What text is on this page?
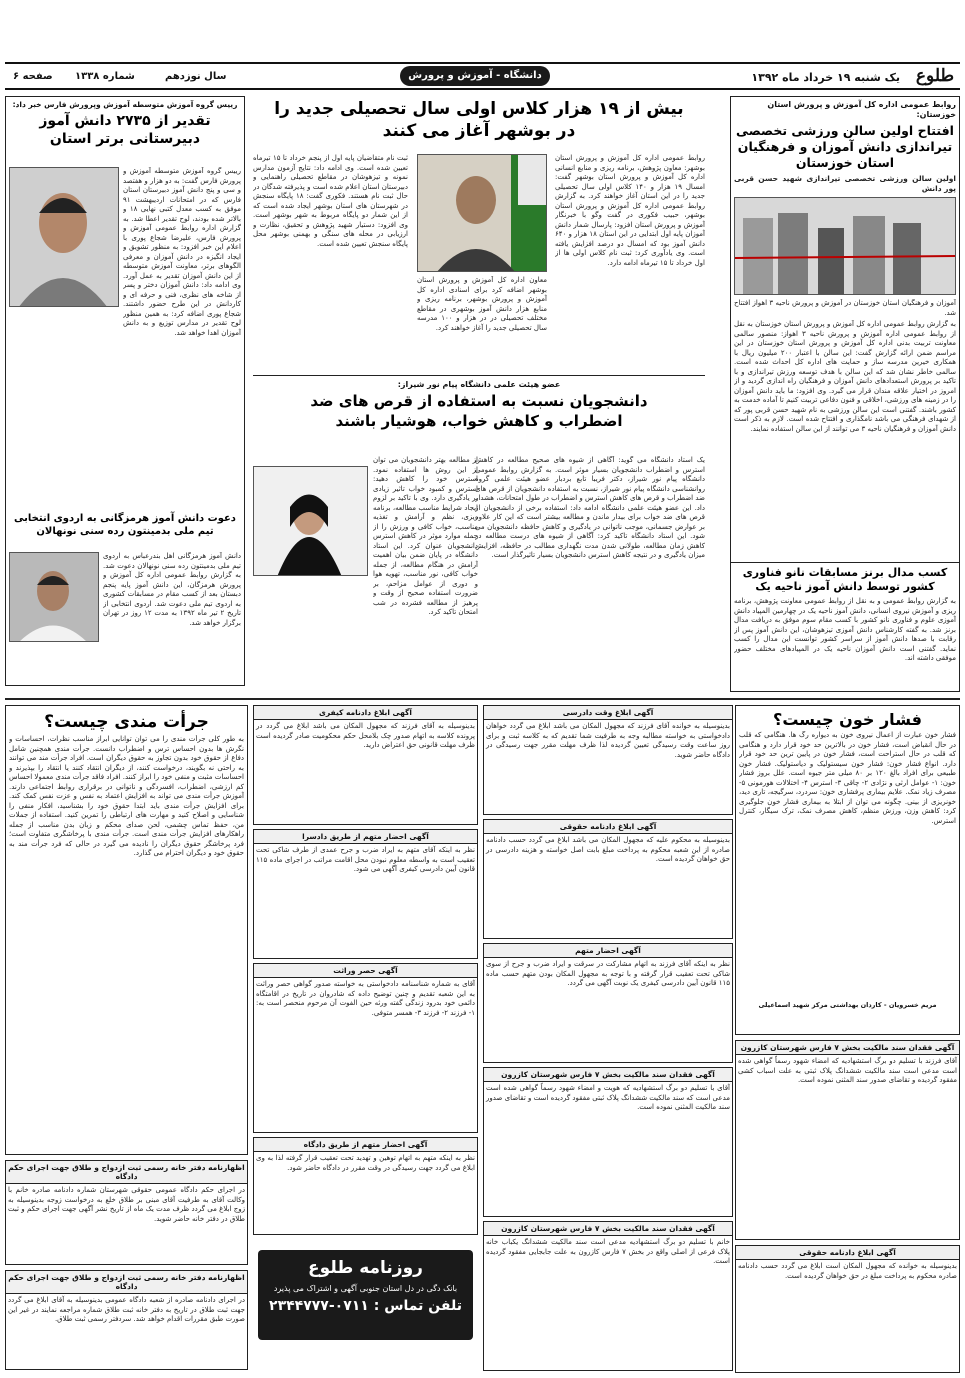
طلوع
یک شنبه ۱۹ خرداد ماه ۱۳۹۲
دانشگاه - آموزش و پرورش
صفحه ۶ شماره ۱۳۳۸	سال نوزدهم
روابط عمومی اداره کل آموزش و پرورش استان خوزستان:
افتتاح اولین سالن ورزشی تخصصی تیراندازی دانش آموزان و فرهنگیان استان خوزستان
اولین سالن ورزشی تخصصی تیراندازی شهید حسن قربی پور دانش
آموزان و فرهنگیان استان خوزستان در آموزش و پرورش ناحیه ۳ اهواز افتتاح شد.
به گزارش روابط عمومی اداره کل آموزش و پرورش استان خوزستان به نقل از روابط عمومی اداره آموزش و پرورش ناحیه ۳ اهواز: منصور سالمی معاونت تربیت بدنی اداره کل آموزش و پرورش استان خوزستان در این مراسم ضمن ارائه گزارش گفت: این سالن با اعتبار ۲۰۰ میلیون ریال با همکاری خیرین مدرسه ساز و حمایت های اداره کل احداث شده است. سالمی خاطر نشان شد که این سالن با هدف توسعه ورزش تیراندازی و با تاکید بر پرورش استعدادهای دانش آموزان و فرهنگیان راه اندازی گردید و از امروز در اختیار علاقه مندان قرار می گیرد. وی افزود: ما باید دانش آموزان را در زمینه های ورزشی، اخلاقی و فنون دفاعی تربیت کنیم تا آماده خدمت به کشور باشند. گفتنی است این سالن ورزشی به نام شهید حسن قربی پور که از شهدای فرهنگی می باشد نامگذاری و افتتاح شده است. لازم به ذکر است دانش آموزان و فرهنگیان ناحیه ۳ می توانند از این سالن استفاده نمایند.
کسب مدال برنز مسابقات نانو فناوری کشور توسط دانش آموز ناحیه یک
به گزارش روابط عمومی و به نقل از روابط عمومی معاونت پژوهش، برنامه ریزی و آموزش نیروی انسانی، دانش آموز ناحیه یک در چهارمین المپیاد دانش آموزی علوم و فناوری نانو کشور با کسب مقام سوم موفق به دریافت مدال برنز شد. به گفته کارشناس دانش آموزی تیزهوشان، این دانش آموز پس از رقابت با صدها دانش آموز از سراسر کشور توانست این مدال را کسب نماید. گفتنی است دانش آموزان ناحیه یک در المپیادهای مختلف حضور موفقی داشته اند.
بیش از ۱۹ هزار کلاس اولی سال تحصیلی جدید را در بوشهر آغاز می کنند
روابط عمومی اداره کل آموزش و پرورش استان بوشهر: معاون پژوهش، برنامه ریزی و منابع انسانی اداره کل آموزش و پرورش استان بوشهر گفت: امسال ۱۹ هزار و ۱۴۰ کلاس اولی سال تحصیلی جدید را در این استان آغاز خواهند کرد. به گزارش روابط عمومی اداره کل آموزش و پرورش استان بوشهر، حبیب فکوری در گفت وگو با خبرنگار آموزش و پرورش استان افزود: پارسال شمار دانش آموزان پایه اول ابتدایی در این استان ۱۸ هزار و ۶۴۰ دانش آموز بود که امسال دو درصد افزایش یافته است. وی یادآوری کرد: ثبت نام کلاس اولی ها از اول خرداد تا ۱۵ تیرماه ادامه دارد.
معاون اداره کل آموزش و پرورش استان بوشهر اضافه کرد برای اسنادی اداره کل آموزش و پرورش بوشهر، برنامه ریزی و منابع هزار دانش آموز بوشهری در مقاطع مختلف تحصیلی در در هزار و ۱۰۰ مدرسه سال تحصیلی جدید را آغاز خواهند کرد.
ثبت نام متقاضیان پایه اول از پنجم خرداد تا ۱۵ تیرماه تعیین شده است. وی ادامه داد: نتایج آزمون مدارس نمونه و تیزهوشان در مقاطع تحصیلی راهنمایی و دبیرستان استان اعلام شده است و پذیرفته شدگان در حال ثبت نام هستند. فکوری گفت: ۱۸ پایگاه سنجش در شهرستان های استان بوشهر ایجاد شده است که از این شمار دو پایگاه مربوط به شهر بوشهر است. وی افزود: دستیار شهید پژوهش و تحقیق، نظارت و ارزیابی در محله های سنگی و بهمنی بوشهر محل پایگاه سنجش تعیین شده است.
عضو هیئت علمی دانشگاه پیام نور شیراز:
دانشجویان نسبت به استفاده از قرص های ضد اضطراب و کاهش خواب، هوشیار باشند
یک استاد دانشگاه می گوید: آگاهی از شیوه های صحیح مطالعه در کاهش استرس و اضطراب دانشجویان بسیار موثر است. به گزارش روابط عمومی دانشگاه پیام نور شیراز، دکتر فریبا تابع بردبار عضو هیئت علمی گروه روانشناسی دانشگاه پیام نور شیراز، نسبت به استفاده دانشجویان از قرص های ضد اضطراب و قرص های کاهش استرس و اضطراب در طول امتحانات، هشدار داد. این عضو هیئت علمی دانشگاه ادامه داد: استفاده برخی از دانشجویان از قرص های ضد خواب برای بیدار ماندن و مطالعه بیشتر است که این کار علاوه بر عوارض جسمانی، موجب ناتوانی در یادگیری و کاهش حافظه دانشجویان می شود. این استاد دانشگاه تاکید کرد: آگاهی از شیوه های درست مطالعه در کاهش زمان مطالعه، طولانی شدن مدت نگهداری مطالب در حافظه، افزایش میزان یادگیری و در نتیجه کاهش استرس دانشجویان بسیار تاثیرگذار است.
از مطالعه بهتر دانشجویان می توان از این روش ها استفاده نمود. استرس خود را کاهش دهید: استرس و کمبود خواب تاثیر زیادی بر یادگیری دارد. وی با تاکید بر لزوم ایجاد شرایط مناسب مطالعه، برنامه ریزی، نظم و آرامش و تغذیه مناسب، خواب کافی و ورزش را از جمله موارد موثر در کاهش استرس دانشجویان عنوان کرد. این استاد دانشگاه در پایان ضمن بیان اهمیت آرامش در هنگام مطالعه، از جمله خواب کافی، نور مناسب، تهویه هوا و دوری از عوامل مزاحم، بر ضرورت استفاده صحیح از وقت و پرهیز از مطالعه فشرده در شب امتحان تاکید کرد.
رییس گروه آموزش متوسطه آموزش وپرورش فارس خبر داد:
تقدیر از ۲۷۳۵ دانش آموز دبیرستانی برتر استان
رییس گروه آموزش متوسطه آموزش و پرورش فارس گفت: به دو هزار و هفتصد و سی و پنج دانش آموز دبیرستان استان فارس که در امتحانات اردیبهشت ۹۱ موفق به کسب معدل کتبی نهایی ۱۸ و بالاتر شده بودند، لوح تقدیر اعطا شد. به گزارش اداره روابط عمومی آموزش و پرورش فارس، علیرضا شجاع پوری با اعلام این خبر افزود: به منظور تشویق و ایجاد انگیزه در دانش آموزان و معرفی الگوهای برتر، معاونت آموزش متوسطه از این دانش آموزان تقدیر به عمل آورد. وی ادامه داد: دانش آموزان دختر و پسر از شاخه های نظری، فنی و حرفه ای و کاردانش در این طرح حضور داشتند. شجاع پوری اضافه کرد: به همین منظور لوح تقدیر در مدارس توزیع و به دانش آموزان اهدا خواهد شد.
دعوت دانش آموز هرمزگانی به اردوی انتخابی تیم ملی بدمینتون رده سنی نونهالان
دانش آموز هرمزگانی اهل بندرعباس به اردوی تیم ملی بدمینتون رده سنی نونهالان دعوت شد. به گزارش روابط عمومی اداره کل آموزش و پرورش هرمزگان، این دانش آموز پایه پنجم دبستان بعد از کسب مقام در مسابقات کشوری به اردوی تیم ملی دعوت شد. اردوی انتخابی از تاریخ ۲ تیر ماه ۱۳۹۲ به مدت ۱۲ روز در تهران برگزار خواهد شد.
فشار خون چیست؟
فشار خون عبارت از اعمال نیروی خون به دیواره رگ ها. هنگامی که قلب در حال انقباض است، فشار خون در بالاترین حد خود قرار دارد و هنگامی که قلب در حال استراحت است، فشار خون در پایین ترین حد خود قرار دارد. انواع فشار خون: فشار خون سیستولیک و دیاستولیک. فشار خون طبیعی برای افراد بالغ ۱۲۰ بر ۸۰ میلی متر جیوه است. علل بروز فشار خون: ۱- عوامل ارثی و نژادی ۲- چاقی ۳- استرس ۴- اختلالات هورمونی ۵- مصرف زیاد نمک. علایم بیماری پرفشاری خون: سردرد، سرگیجه، تاری دید، خونریزی از بینی. چگونه می توان از ابتلا به بیماری فشار خون جلوگیری کرد: کاهش وزن، ورزش منظم، کاهش مصرف نمک، ترک سیگار، کنترل استرس.
مریم خسرویان - کاردان بهداشتی مرکز شهید اسماعیلی
آگهی فقدان سند مالکیت بخش ۷ فارس شهرستان کازرون
آقای فرزند با تسلیم دو برگ استشهادیه که امضاء شهود رسماً گواهی شده است مدعی است سند مالکیت ششدانگ پلاک ثبتی به علت اسباب کشی مفقود گردیده و تقاضای صدور سند المثنی نموده است.
آگهی ابلاغ دادنامه حقوقی
بدینوسیله به خوانده که مجهول المکان است ابلاغ می گردد حسب دادنامه صادره محکوم به پرداخت مبلغ در حق خواهان گردیده است.
آگهی ابلاغ وقت دادرسی
بدینوسیله به خوانده آقای فرزند که مجهول المکان می باشد ابلاغ می گردد خواهان دادخواستی به خواسته مطالبه وجه به طرفیت شما تقدیم که به کلاسه ثبت و برای روز ساعت وقت رسیدگی تعیین گردیده لذا ظرف مهلت مقرر جهت رسیدگی در دادگاه حاضر شوید.
آگهی ابلاغ دادنامه حقوقی
بدینوسیله به محکوم علیه که مجهول المکان می باشد ابلاغ می گردد حسب دادنامه صادره از این شعبه محکوم به پرداخت مبلغ بابت اصل خواسته و هزینه دادرسی در حق خواهان گردیده است.
آگهی احضار متهم
نظر به اینکه آقای فرزند به اتهام مشارکت در سرقت و ایراد ضرب و جرح از سوی شاکی تحت تعقیب قرار گرفته و با توجه به مجهول المکان بودن متهم حسب ماده ۱۱۵ قانون آیین دادرسی کیفری یک نوبت آگهی می گردد.
آگهی فقدان سند مالکیت بخش ۷ فارس شهرستان کازرون
آقای با تسلیم دو برگ استشهادیه که هویت و امضاء شهود رسماً گواهی شده است مدعی است که سند مالکیت ششدانگ پلاک ثبتی مفقود گردیده است و تقاضای صدور سند مالکیت المثنی نموده است.
آگهی فقدان سند مالکیت بخش ۷ فارس شهرستان کازرون
خانم با تسلیم دو برگ استشهادیه مدعی است سند مالکیت ششدانگ یکباب خانه پلاک فرعی از اصلی واقع در بخش ۷ فارس کازرون به علت جابجایی مفقود گردیده است.
آگهی ابلاغ دادنامه کیفری
بدینوسیله به آقای فرزند که مجهول المکان می باشد ابلاغ می گردد در پرونده کلاسه به اتهام صدور چک بلامحل حکم محکومیت صادر گردیده است ظرف مهلت قانونی حق اعتراض دارید.
آگهی احضار متهم از طریق دادسرا
نظر به اینکه آقای متهم به ایراد ضرب و جرح عمدی از طرف شاکی تحت تعقیب است به واسطه معلوم نبودن محل اقامت مراتب در اجرای ماده ۱۱۵ قانون آیین دادرسی کیفری آگهی می شود.
آگهی حصر وراثت
آقای به شماره شناسنامه دادخواستی به خواسته صدور گواهی حصر وراثت به این شعبه تقدیم و چنین توضیح داده که شادروان در تاریخ در اقامتگاه دائمی خود بدرود زندگی گفته ورثه حین الفوت آن مرحوم منحصر است به: ۱- فرزند ۲- فرزند ۳- همسر متوفی.
آگهی احضار متهم از طریق دادگاه
نظر به اینکه متهم به اتهام توهین و تهدید تحت تعقیب قرار گرفته لذا به وی ابلاغ می گردد جهت رسیدگی در وقت مقرر در دادگاه حاضر شود.
روزنامه طلوع
بانک دگی در دل استان جنوبی آگهی و اشتراک می پذیرد
تلفن تماس : ۰۷۱۱-۲۳۴۴۷۷۷
جرأت مندی چیست؟
به طور کلی جرأت مندی را می توان توانایی ابراز مناسب نظرات، احساسات و نگرش ها بدون احساس ترس و اضطراب دانست. جرأت مندی همچنین شامل دفاع از حقوق خود بدون تجاوز به حقوق دیگران است. افراد جرأت مند می توانند به راحتی نه بگویند، درخواست کنند، از دیگران انتقاد کنند یا انتقاد را بپذیرند و احساسات مثبت و منفی خود را ابراز کنند. افراد فاقد جرأت مندی معمولا احساس کم ارزشی، اضطراب، افسردگی و ناتوانی در برقراری روابط اجتماعی دارند. آموزش جرأت مندی می تواند به افزایش اعتماد به نفس و عزت نفس کمک کند. برای افزایش جرأت مندی باید ابتدا حقوق خود را بشناسید، افکار منفی را شناسایی و اصلاح کنید و مهارت های ارتباطی را تمرین کنید. استفاده از جملات من، حفظ تماس چشمی، لحن صدای محکم و زبان بدن مناسب از جمله راهکارهای افزایش جرأت مندی است. جرأت مندی با پرخاشگری متفاوت است؛ فرد پرخاشگر حقوق دیگران را نادیده می گیرد در حالی که فرد جرأت مند به حقوق خود و دیگران احترام می گذارد.
اظهارنامه دفتر خانه رسمی ثبت ازدواج و طلاق جهت اجرای حکم دادگاه
در اجرای حکم دادگاه عمومی حقوقی شهرستان شماره دادنامه صادره خانم با وکالت آقای به طرفیت آقای مبنی بر طلاق خلع به درخواست زوجه بدینوسیله به زوج ابلاغ می گردد ظرف مدت یک ماه از تاریخ نشر آگهی جهت اجرای حکم و ثبت طلاق در دفتر خانه حاضر شوید.
اظهارنامه دفتر خانه رسمی ثبت ازدواج و طلاق جهت اجرای حکم دادگاه
در اجرای دادنامه صادره از شعبه دادگاه عمومی بدینوسیله به آقای ابلاغ می گردد جهت ثبت طلاق در تاریخ به دفتر خانه ثبت طلاق شماره مراجعه نمایند در غیر این صورت طبق مقررات اقدام خواهد شد. سردفتر رسمی ثبت طلاق.
